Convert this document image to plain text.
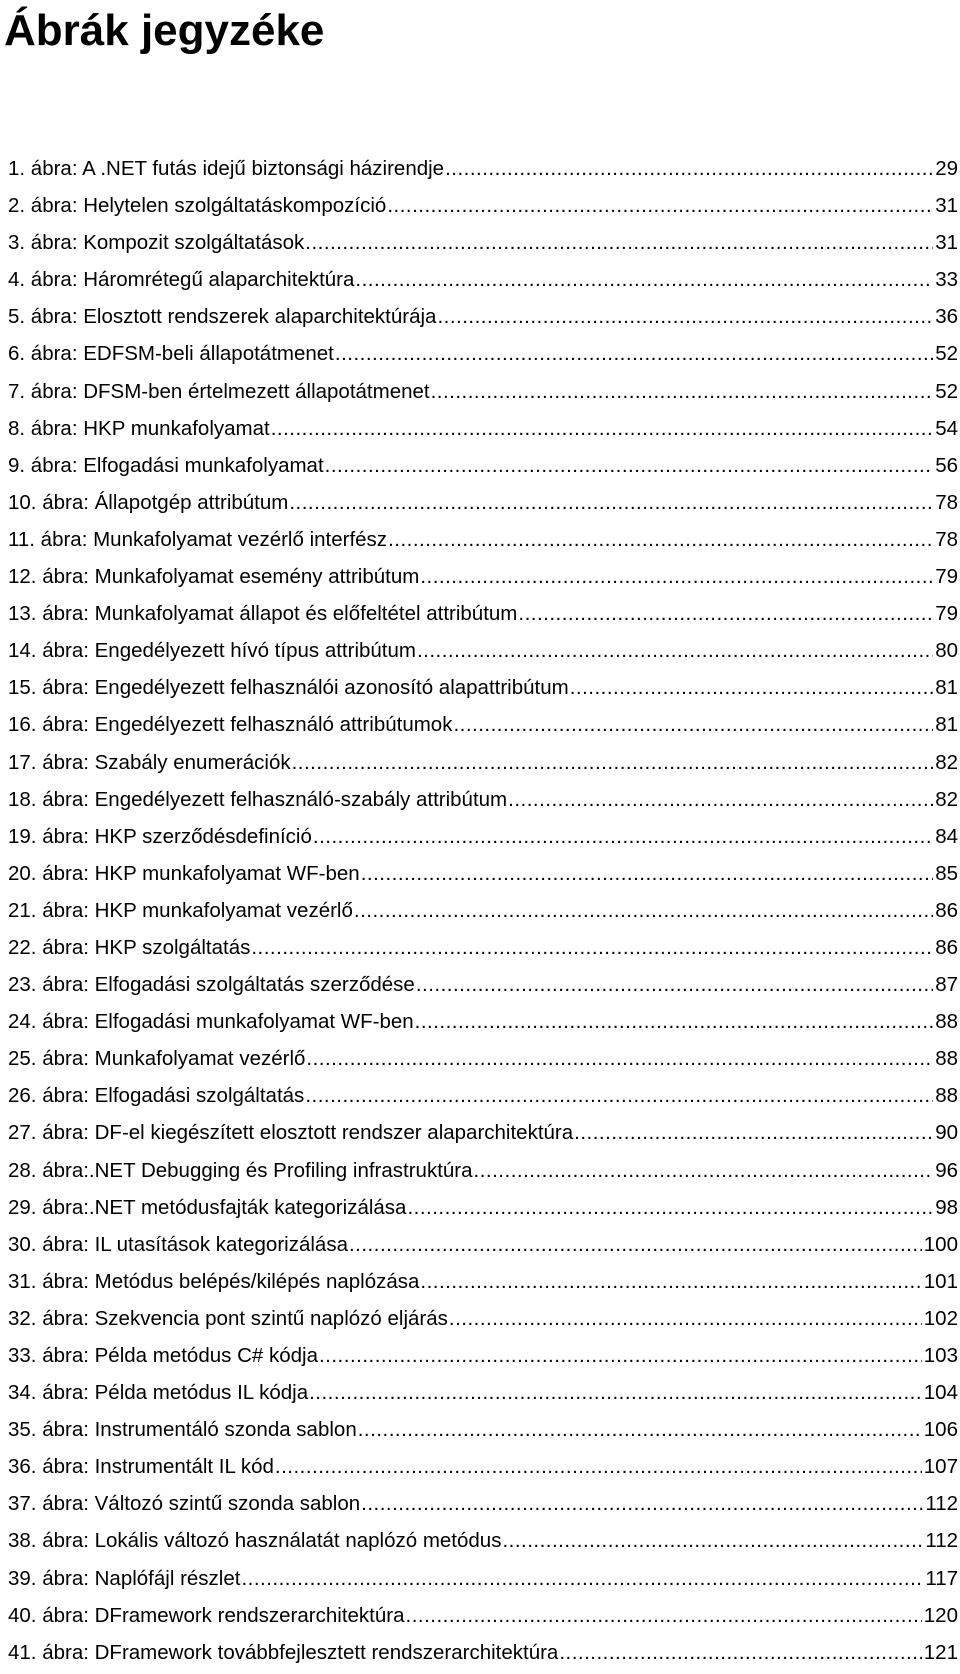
Ábrák jegyzéke
1. ábra: A .NET futás idejű biztonsági házirendje . . .	29
2. ábra: Helytelen szolgáltatáskompozíció . . .	31
3. ábra: Kompozit szolgáltatások . . .	31
4. ábra: Háromrétegű alaparchitektúra . . .	33
5. ábra: Elosztott rendszerek alaparchitektúrája . . .	36
6. ábra: EDFSM-beli állapotátmenet . . .	52
7. ábra: DFSM-ben értelmezett állapotátmenet . . .	52
8. ábra: HKP munkafolyamat . . .	54
9. ábra: Elfogadási munkafolyamat . . .	56
10. ábra: Állapotgép attribútum . . .	78
11. ábra: Munkafolyamat vezérlő interfész . . .	78
12. ábra: Munkafolyamat esemény attribútum . . .	79
13. ábra: Munkafolyamat állapot és előfeltétel attribútum . . .	79
14. ábra: Engedélyezett hívó típus attribútum . . .	80
15. ábra: Engedélyezett felhasználói azonosító alapattribútum . . .	81
16. ábra: Engedélyezett felhasználó attribútumok . . .	81
17. ábra: Szabály enumerációk . . .	82
18. ábra: Engedélyezett felhasználó-szabály attribútum . . .	82
19. ábra: HKP szerződésdefiníció . . .	84
20. ábra: HKP munkafolyamat WF-ben . . .	85
21. ábra: HKP munkafolyamat vezérlő . . .	86
22. ábra: HKP szolgáltatás . . .	86
23. ábra: Elfogadási szolgáltatás szerződése . . .	87
24. ábra: Elfogadási munkafolyamat WF-ben . . .	88
25. ábra: Munkafolyamat vezérlő . . .	88
26. ábra: Elfogadási szolgáltatás . . .	88
27. ábra: DF-el kiegészített elosztott rendszer alaparchitektúra . . .	90
28. ábra:.NET Debugging és Profiling infrastruktúra . . .	96
29. ábra:.NET metódusfajták kategorizálása . . .	98
30. ábra: IL utasítások kategorizálása . . .	100
31. ábra: Metódus belépés/kilépés naplózása . . .	101
32. ábra: Szekvencia pont szintű naplózó eljárás . . .	102
33. ábra: Példa metódus C# kódja . . .	103
34. ábra: Példa metódus IL kódja . . .	104
35. ábra: Instrumentáló szonda sablon . . .	106
36. ábra: Instrumentált IL kód . . .	107
37. ábra: Változó szintű szonda sablon . . .	112
38. ábra: Lokális változó használatát naplózó metódus . . .	112
39. ábra: Naplófájl részlet . . .	117
40. ábra: DFramework rendszerarchitektúra . . .	120
41. ábra: DFramework továbbfejlesztett rendszerarchitektúra . . .	121
